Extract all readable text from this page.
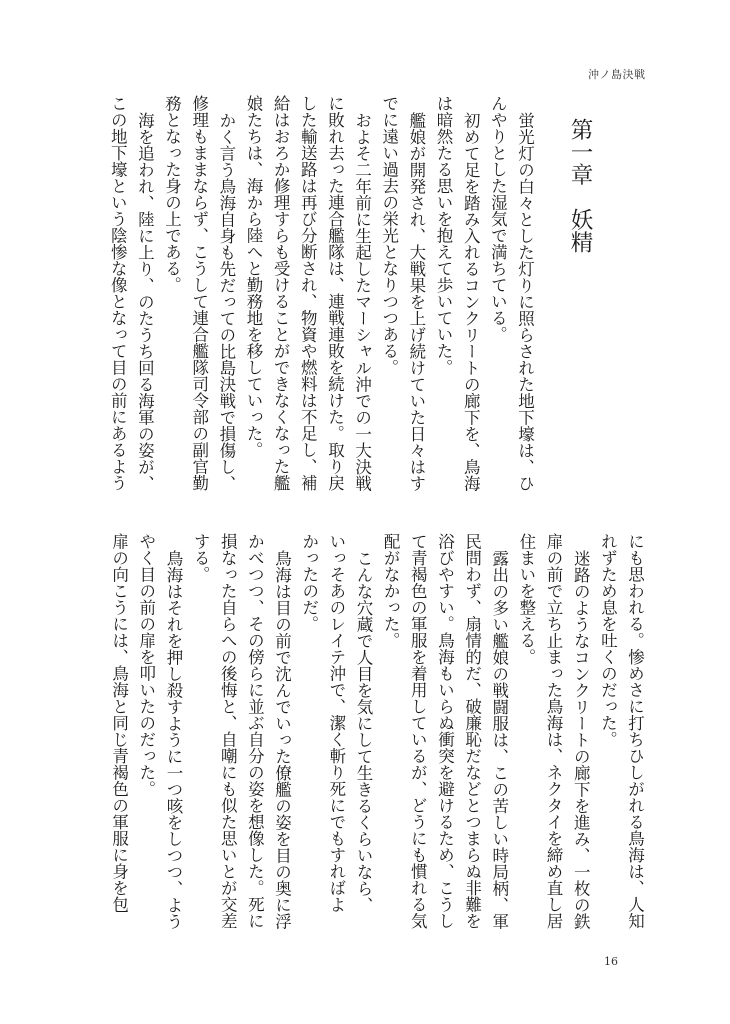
沖ノ島決戦
第一章　妖精
蛍光灯の白々とした灯りに照らされた地下壕は、ひ
んやりとした湿気で満ちている。
初めて足を踏み入れるコンクリートの廊下を、鳥海
は暗然たる思いを抱えて歩いていた。
艦娘が開発され、大戦果を上げ続けていた日々はす
でに遠い過去の栄光となりつつある。
およそ二年前に生起したマーシャル沖での一大決戦
に敗れ去った連合艦隊は、連戦連敗を続けた。取り戻
した輸送路は再び分断され、物資や燃料は不足し、補
給はおろか修理すらも受けることができなくなった艦
娘たちは、海から陸へと勤務地を移していった。
かく言う鳥海自身も先だっての比島決戦で損傷し、
修理もままならず、こうして連合艦隊司令部の副官勤
務となった身の上である。
海を追われ、陸に上り、のたうち回る海軍の姿が、
この地下壕という陰惨な像となって目の前にあるよう
にも思われる。惨めさに打ちひしがれる鳥海は、人知
れずため息を吐くのだった。
迷路のようなコンクリートの廊下を進み、一枚の鉄
扉の前で立ち止まった鳥海は、ネクタイを締め直し居
住まいを整える。
露出の多い艦娘の戦闘服は、この苦しい時局柄、軍
民問わず、扇情的だ、破廉恥だなどとつまらぬ非難を
浴びやすい。鳥海もいらぬ衝突を避けるため、こうし
て青褐色の軍服を着用しているが、どうにも慣れる気
配がなかった。
こんな穴蔵で人目を気にして生きるくらいなら、
いっそあのレイテ沖で、潔く斬り死にでもすればよ
かったのだ。
鳥海は目の前で沈んでいった僚艦の姿を目の奥に浮
かべつつ、その傍らに並ぶ自分の姿を想像した。死に
損なった自らへの後悔と、自嘲にも似た思いとが交差
する。
鳥海はそれを押し殺すように一つ咳をしつつ、よう
やく目の前の扉を叩いたのだった。
扉の向こうには、鳥海と同じ青褐色の軍服に身を包
16
